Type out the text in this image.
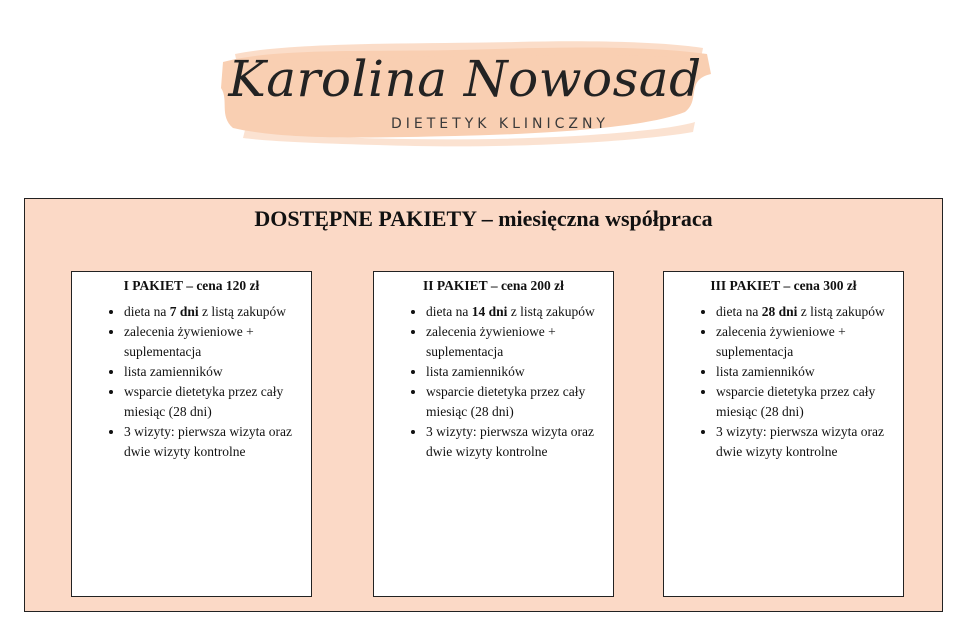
Karolina Nowosad
DIETETYK KLINICZNY
DOSTĘPNE PAKIETY – miesięczna współpraca
I PAKIET – cena 120 zł
• dieta na 7 dni z listą zakupów
• zalecenia żywieniowe + suplementacja
• lista zamienników
• wsparcie dietetyka przez cały miesiąc (28 dni)
• 3 wizyty: pierwsza wizyta oraz dwie wizyty kontrolne
II PAKIET – cena 200 zł
• dieta na 14 dni z listą zakupów
• zalecenia żywieniowe + suplementacja
• lista zamienników
• wsparcie dietetyka przez cały miesiąc (28 dni)
• 3 wizyty: pierwsza wizyta oraz dwie wizyty kontrolne
III PAKIET – cena 300 zł
• dieta na 28 dni z listą zakupów
• zalecenia żywieniowe + suplementacja
• lista zamienników
• wsparcie dietetyka przez cały miesiąc (28 dni)
• 3 wizyty: pierwsza wizyta oraz dwie wizyty kontrolne
